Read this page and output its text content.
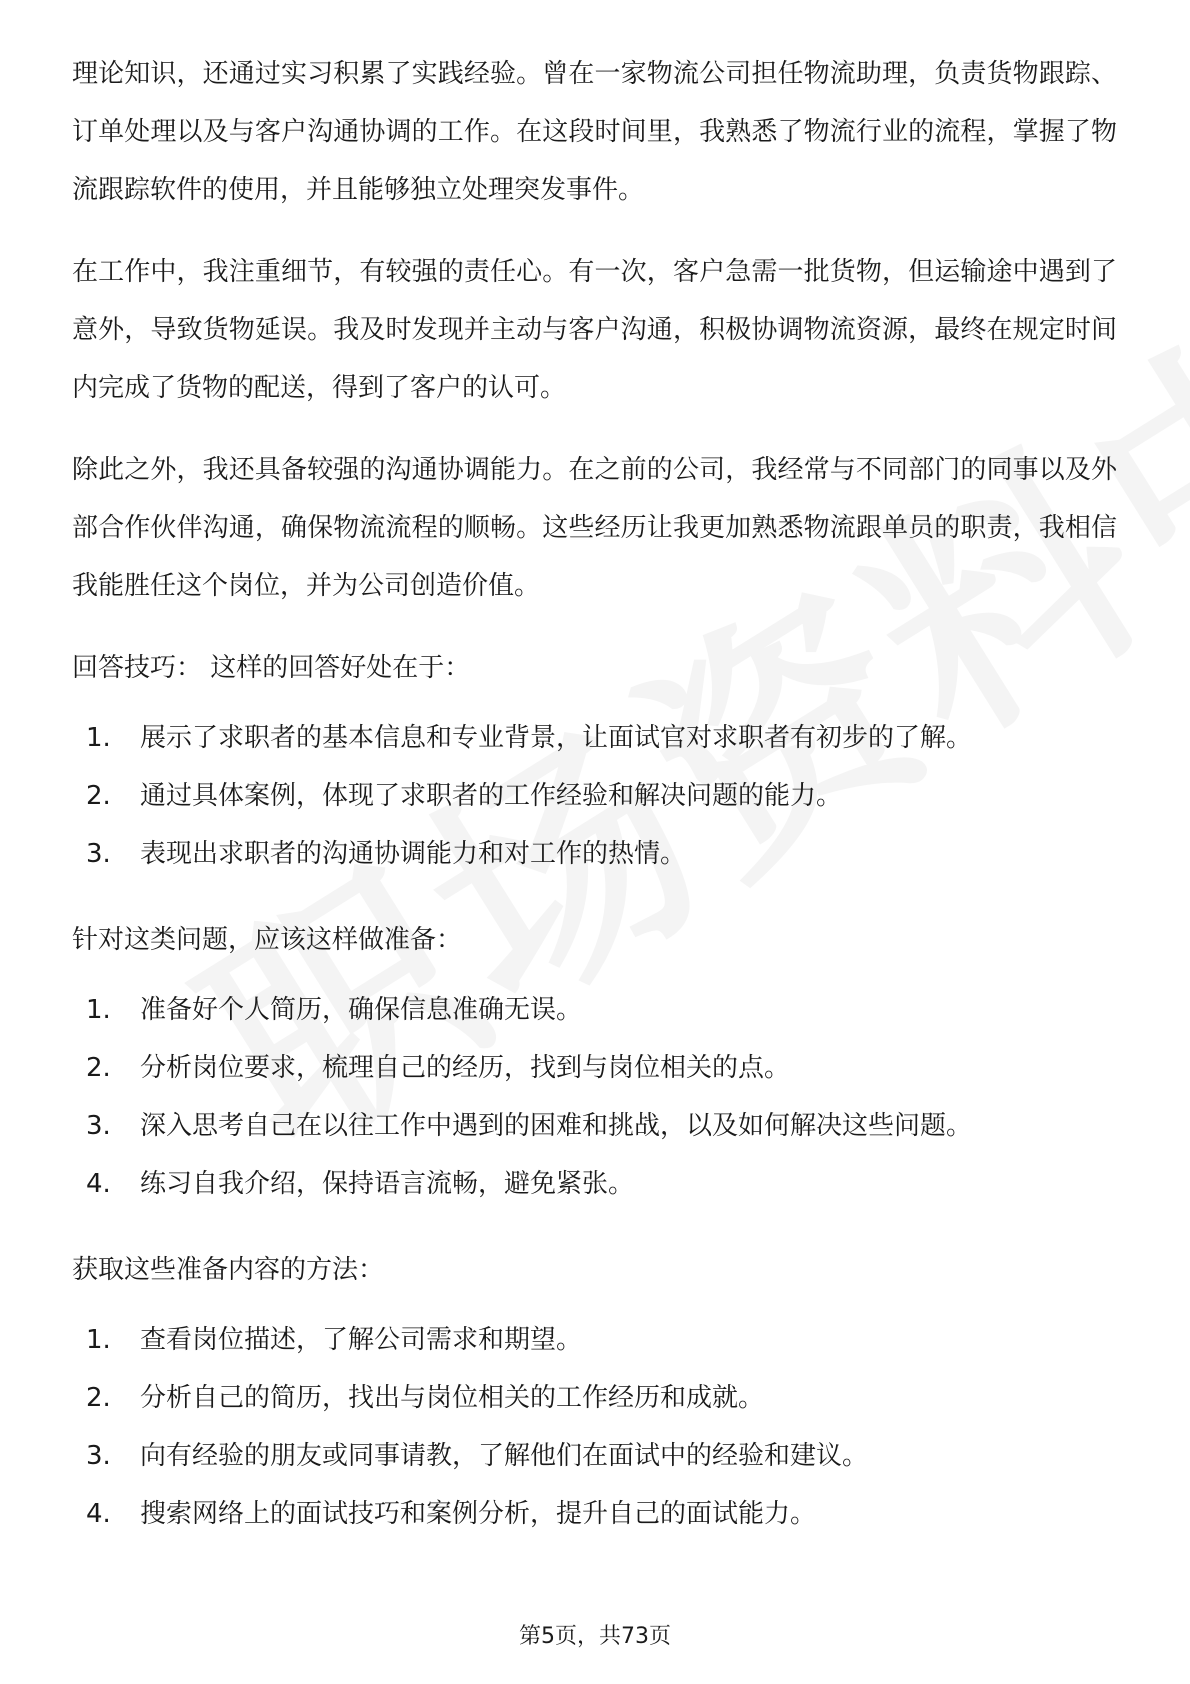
理论知识，还通过实习积累了实践经验。曾在一家物流公司担任物流助理，负责货物跟踪、订单处理以及与客户沟通协调的工作。在这段时间里，我熟悉了物流行业的流程，掌握了物流跟踪软件的使用，并且能够独立处理突发事件。

在工作中，我注重细节，有较强的责任心。有一次，客户急需一批货物，但运输途中遇到了意外，导致货物延误。我及时发现并主动与客户沟通，积极协调物流资源，最终在规定时间内完成了货物的配送，得到了客户的认可。

除此之外，我还具备较强的沟通协调能力。在之前的公司，我经常与不同部门的同事以及外部合作伙伴沟通，确保物流流程的顺畅。这些经历让我更加熟悉物流跟单员的职责，我相信我能胜任这个岗位，并为公司创造价值。

回答技巧： 这样的回答好处在于：
1.	展示了求职者的基本信息和专业背景，让面试官对求职者有初步的了解。
2.	通过具体案例，体现了求职者的工作经验和解决问题的能力。
3.	表现出求职者的沟通协调能力和对工作的热情。
针对这类问题，应该这样做准备：
1.	准备好个人简历，确保信息准确无误。
2.	分析岗位要求，梳理自己的经历，找到与岗位相关的点。
3.	深入思考自己在以往工作中遇到的困难和挑战，以及如何解决这些问题。
4.	练习自我介绍，保持语言流畅，避免紧张。
获取这些准备内容的方法：
1.	查看岗位描述，了解公司需求和期望。
2.	分析自己的简历，找出与岗位相关的工作经历和成就。
3.	向有经验的朋友或同事请教，了解他们在面试中的经验和建议。
4.	搜索网络上的面试技巧和案例分析，提升自己的面试能力。
第5页，共73页
